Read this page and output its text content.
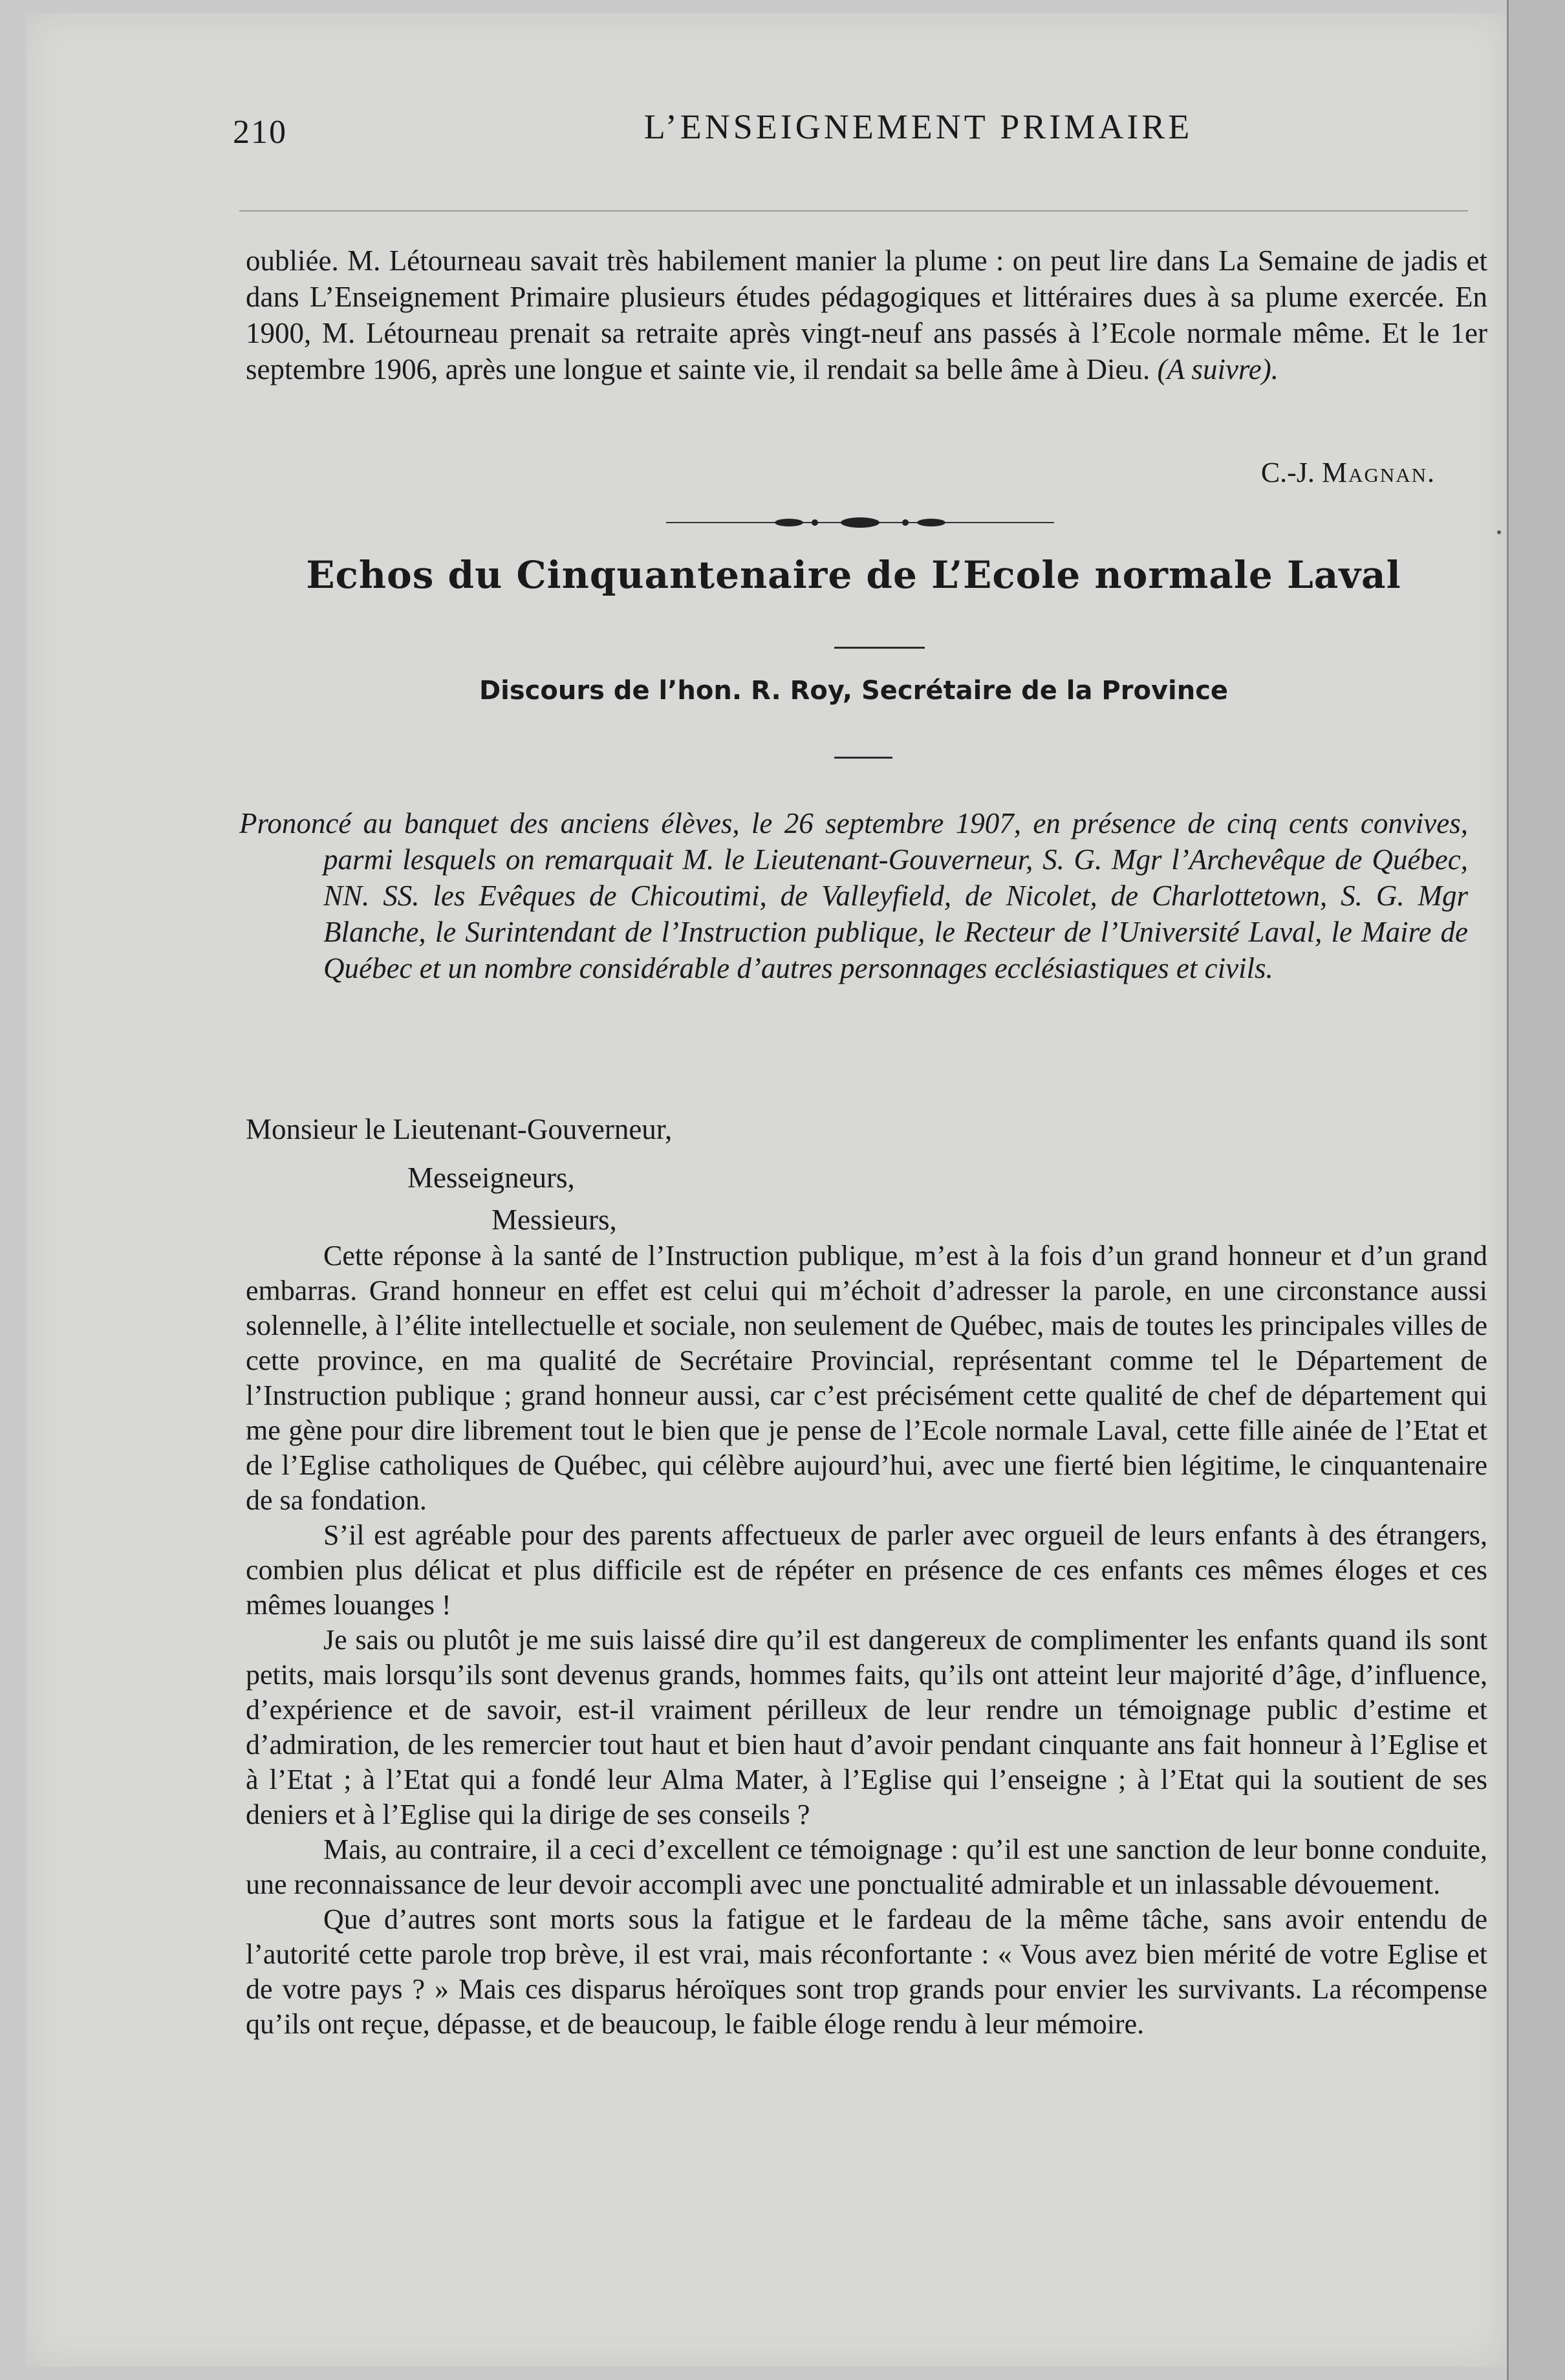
210	L’ENSEIGNEMENT PRIMAIRE

oubliée. M. Létourneau savait très habilement manier la plume : on peut lire dans La Semaine de jadis et dans L’Enseignement Primaire plusieurs études pédagogiques et littéraires dues à sa plume exercée. En 1900, M. Létourneau prenait sa retraite après vingt-neuf ans passés à l’Ecole normale même. Et le 1er septembre 1906, après une longue et sainte vie, il rendait sa belle âme à Dieu. (A suivre).

C.-J. Magnan.
Echos du Cinquantenaire de L’Ecole normale Laval
Discours de l’hon. R. Roy, Secrétaire de la Province
Prononcé au banquet des anciens élèves, le 26 septembre 1907, en présence de cinq cents convives, parmi lesquels on remarquait M. le Lieutenant-Gouverneur, S. G. Mgr l’Archevêque de Québec, NN. SS. les Evêques de Chicoutimi, de Valleyfield, de Nicolet, de Charlottetown, S. G. Mgr Blanche, le Surintendant de l’Instruction publique, le Recteur de l’Université Laval, le Maire de Québec et un nombre considérable d’autres personnages ecclésiastiques et civils.
Monsieur le Lieutenant-Gouverneur,
Messeigneurs,
Messieurs,

Cette réponse à la santé de l’Instruction publique, m’est à la fois d’un grand honneur et d’un grand embarras. Grand honneur en effet est celui qui m’échoit d’adresser la parole, en une circonstance aussi solennelle, à l’élite intellectuelle et sociale, non seulement de Québec, mais de toutes les principales villes de cette province, en ma qualité de Secrétaire Provincial, représentant comme tel le Département de l’Instruction publique ; grand honneur aussi, car c’est précisément cette qualité de chef de département qui me gène pour dire librement tout le bien que je pense de l’Ecole normale Laval, cette fille ainée de l’Etat et de l’Eglise catholiques de Québec, qui célèbre aujourd’hui, avec une fierté bien légitime, le cinquantenaire de sa fondation.

S’il est agréable pour des parents affectueux de parler avec orgueil de leurs enfants à des étrangers, combien plus délicat et plus difficile est de répéter en présence de ces enfants ces mêmes éloges et ces mêmes louanges !

Je sais ou plutôt je me suis laissé dire qu’il est dangereux de complimenter les enfants quand ils sont petits, mais lorsqu’ils sont devenus grands, hommes faits, qu’ils ont atteint leur majorité d’âge, d’influence, d’expérience et de savoir, est-il vraiment périlleux de leur rendre un témoignage public d’estime et d’admiration, de les remercier tout haut et bien haut d’avoir pendant cinquante ans fait honneur à l’Eglise et à l’Etat ; à l’Etat qui a fondé leur Alma Mater, à l’Eglise qui l’enseigne ; à l’Etat qui la soutient de ses deniers et à l’Eglise qui la dirige de ses conseils ?

Mais, au contraire, il a ceci d’excellent ce témoignage : qu’il est une sanction de leur bonne conduite, une reconnaissance de leur devoir accompli avec une ponctualité admirable et un inlassable dévouement.

Que d’autres sont morts sous la fatigue et le fardeau de la même tâche, sans avoir entendu de l’autorité cette parole trop brève, il est vrai, mais réconfortante : « Vous avez bien mérité de votre Eglise et de votre pays ? » Mais ces disparus héroïques sont trop grands pour envier les survivants. La récompense qu’ils ont reçue, dépasse, et de beaucoup, le faible éloge rendu à leur mémoire.
